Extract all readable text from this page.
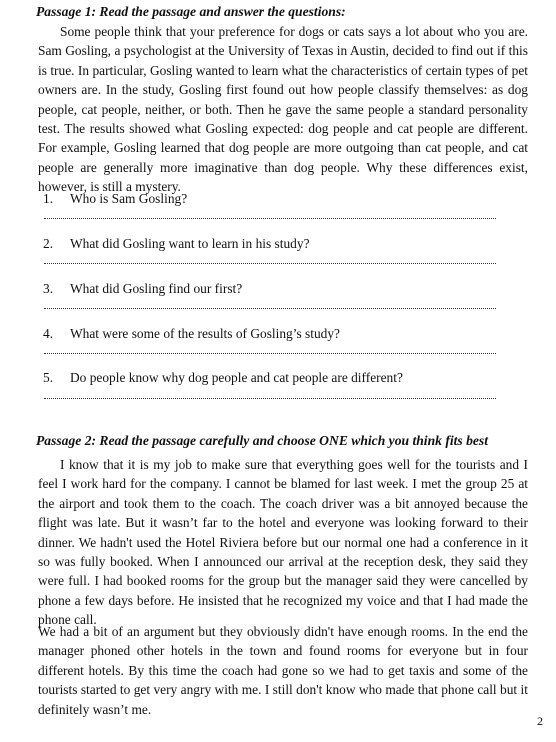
Passage 1: Read the passage and answer the questions:
Some people think that your preference for dogs or cats says a lot about who you are. Sam Gosling, a psychologist at the University of Texas in Austin, decided to find out if this is true. In particular, Gosling wanted to learn what the characteristics of certain types of pet owners are. In the study, Gosling first found out how people classify themselves: as dog people, cat people, neither, or both. Then he gave the same people a standard personality test. The results showed what Gosling expected: dog people and cat people are different. For example, Gosling learned that dog people are more outgoing than cat people, and cat people are generally more imaginative than dog people. Why these differences exist, however, is still a mystery.
1. Who is Sam Gosling?
2. What did Gosling want to learn in his study?
3. What did Gosling find our first?
4. What were some of the results of Gosling’s study?
5. Do people know why dog people and cat people are different?
Passage 2: Read the passage carefully and choose ONE which you think fits best
I know that it is my job to make sure that everything goes well for the tourists and I feel I work hard for the company. I cannot be blamed for last week. I met the group 25 at the airport and took them to the coach. The coach driver was a bit annoyed because the flight was late. But it wasn’t far to the hotel and everyone was looking forward to their dinner. We hadn't used the Hotel Riviera before but our normal one had a conference in it so was fully booked. When I announced our arrival at the reception desk, they said they were full. I had booked rooms for the group but the manager said they were cancelled by phone a few days before. He insisted that he recognized my voice and that I had made the phone call.
We had a bit of an argument but they obviously didn't have enough rooms. In the end the manager phoned other hotels in the town and found rooms for everyone but in four different hotels. By this time the coach had gone so we had to get taxis and some of the tourists started to get very angry with me. I still don't know who made that phone call but it definitely wasn’t me.
2
